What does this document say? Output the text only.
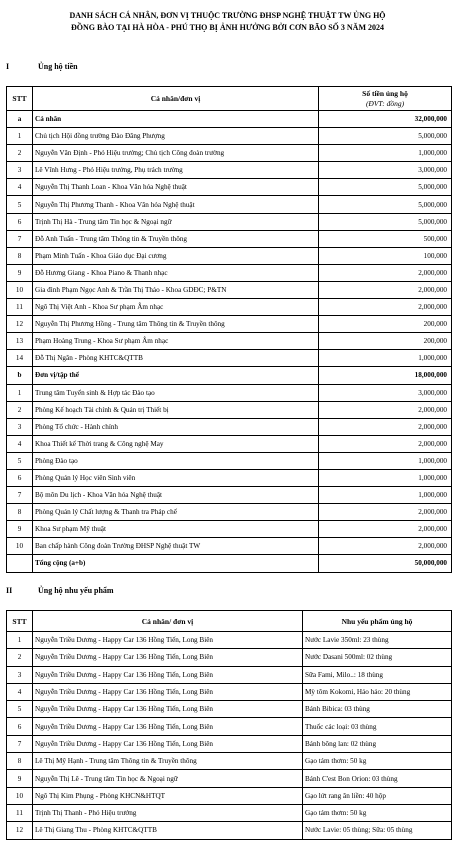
DANH SÁCH CÁ NHÂN, ĐƠN VỊ THUỘC TRƯỜNG ĐHSP NGHỆ THUẬT TW ỦNG HỘ
ĐỒNG BÀO TẠI HÀ HÒA - PHÚ THỌ BỊ ẢNH HƯỞNG BỞI CƠN BÃO SỐ 3 NĂM 2024
I	Ủng hộ tiền
STT	Cá nhân/đơn vị	Số tiền ủng hộ
(ĐVT: đồng)

a	Cá nhân	32,000,000
1	Chủ tịch Hội đồng trường Đào Đăng Phượng	5,000,000
2	Nguyễn Văn Định - Phó Hiệu trưởng; Chủ tịch Công đoàn trường	1,000,000
3	Lê Vĩnh Hưng - Phó Hiệu trưởng, Phụ trách trường	3,000,000
4	Nguyễn Thị Thanh Loan - Khoa Văn hóa Nghệ thuật	5,000,000
5	Nguyễn Thị Phương Thanh - Khoa Văn hóa Nghệ thuật	5,000,000
6	Trịnh Thị Hà - Trung tâm Tin học & Ngoại ngữ	5,000,000
7	Đỗ Anh Tuấn - Trung tâm Thông tin & Truyền thông	500,000
8	Phạm Minh Tuấn - Khoa Giáo dục Đại cương	100,000
9	Đỗ Hương Giang - Khoa Piano & Thanh nhạc	2,000,000
10	Gia đình Phạm Ngọc Anh & Trần Thị Thảo - Khoa GDĐC; P&TN	2,000,000
11	Ngô Thị Việt Anh - Khoa Sư phạm Âm nhạc	2,000,000
12	Nguyễn Thị Phương Hồng - Trung tâm Thông tin & Truyền thông	200,000
13	Phạm Hoàng Trung - Khoa Sư phạm Âm nhạc	200,000
14	Đỗ Thị Ngân - Phòng KHTC&QTTB	1,000,000
b	Đơn vị/tập thể	18,000,000
1	Trung tâm Tuyển sinh & Hợp tác Đào tạo	3,000,000
2	Phòng Kế hoạch Tài chính & Quản trị Thiết bị	2,000,000
3	Phòng Tổ chức - Hành chính	2,000,000
4	Khoa Thiết kế Thời trang & Công nghệ May	2,000,000
5	Phòng Đào tạo	1,000,000
6	Phòng Quản lý Học viên Sinh viên	1,000,000
7	Bộ môn Du lịch - Khoa Văn hóa Nghệ thuật	1,000,000
8	Phòng Quản lý Chất lượng & Thanh tra Pháp chế	2,000,000
9	Khoa Sư phạm Mỹ thuật	2,000,000
10	Ban chấp hành Công đoàn Trường ĐHSP Nghệ thuật TW	2,000,000
	Tổng cộng (a+b)	50,000,000
II	Ủng hộ nhu yếu phẩm
STT	Cá nhân/ đơn vị	Nhu yếu phẩm ủng hộ
1	Nguyễn Triều Dương - Happy Car 136 Hồng Tiến, Long Biên	Nước Lavie 350ml: 23 thùng
2	Nguyễn Triều Dương - Happy Car 136 Hồng Tiến, Long Biên	Nước Dasani 500ml: 02 thùng
3	Nguyễn Triều Dương - Happy Car 136 Hồng Tiến, Long Biên	Sữa Fami, Milo..: 18 thùng
4	Nguyễn Triều Dương - Happy Car 136 Hồng Tiến, Long Biên	Mỳ tôm Kokomi, Hảo hảo: 20 thùng
5	Nguyễn Triều Dương - Happy Car 136 Hồng Tiến, Long Biên	Bánh Bibica: 03 thùng
6	Nguyễn Triều Dương - Happy Car 136 Hồng Tiến, Long Biên	Thuốc các loại: 03 thùng
7	Nguyễn Triều Dương - Happy Car 136 Hồng Tiến, Long Biên	Bánh bông lan: 02 thùng
8	Lê Thị Mỹ Hạnh - Trung tâm Thông tin & Truyền thông	Gạo tám thơm: 50 kg
9	Nguyễn Thị Lê - Trung tâm Tin học & Ngoại ngữ	Bánh C'est Bon Orion: 03 thùng
10	Ngô Thị Kim Phụng - Phòng KHCN&HTQT	Gạo lứt rang ăn liền: 40 hộp
11	Trịnh Thị Thanh - Phó Hiệu trưởng	Gạo tám thơm: 50 kg
12	Lê Thị Giang Thu - Phòng KHTC&QTTB	Nước Lavie: 05 thùng; Sữa: 05 thùng
